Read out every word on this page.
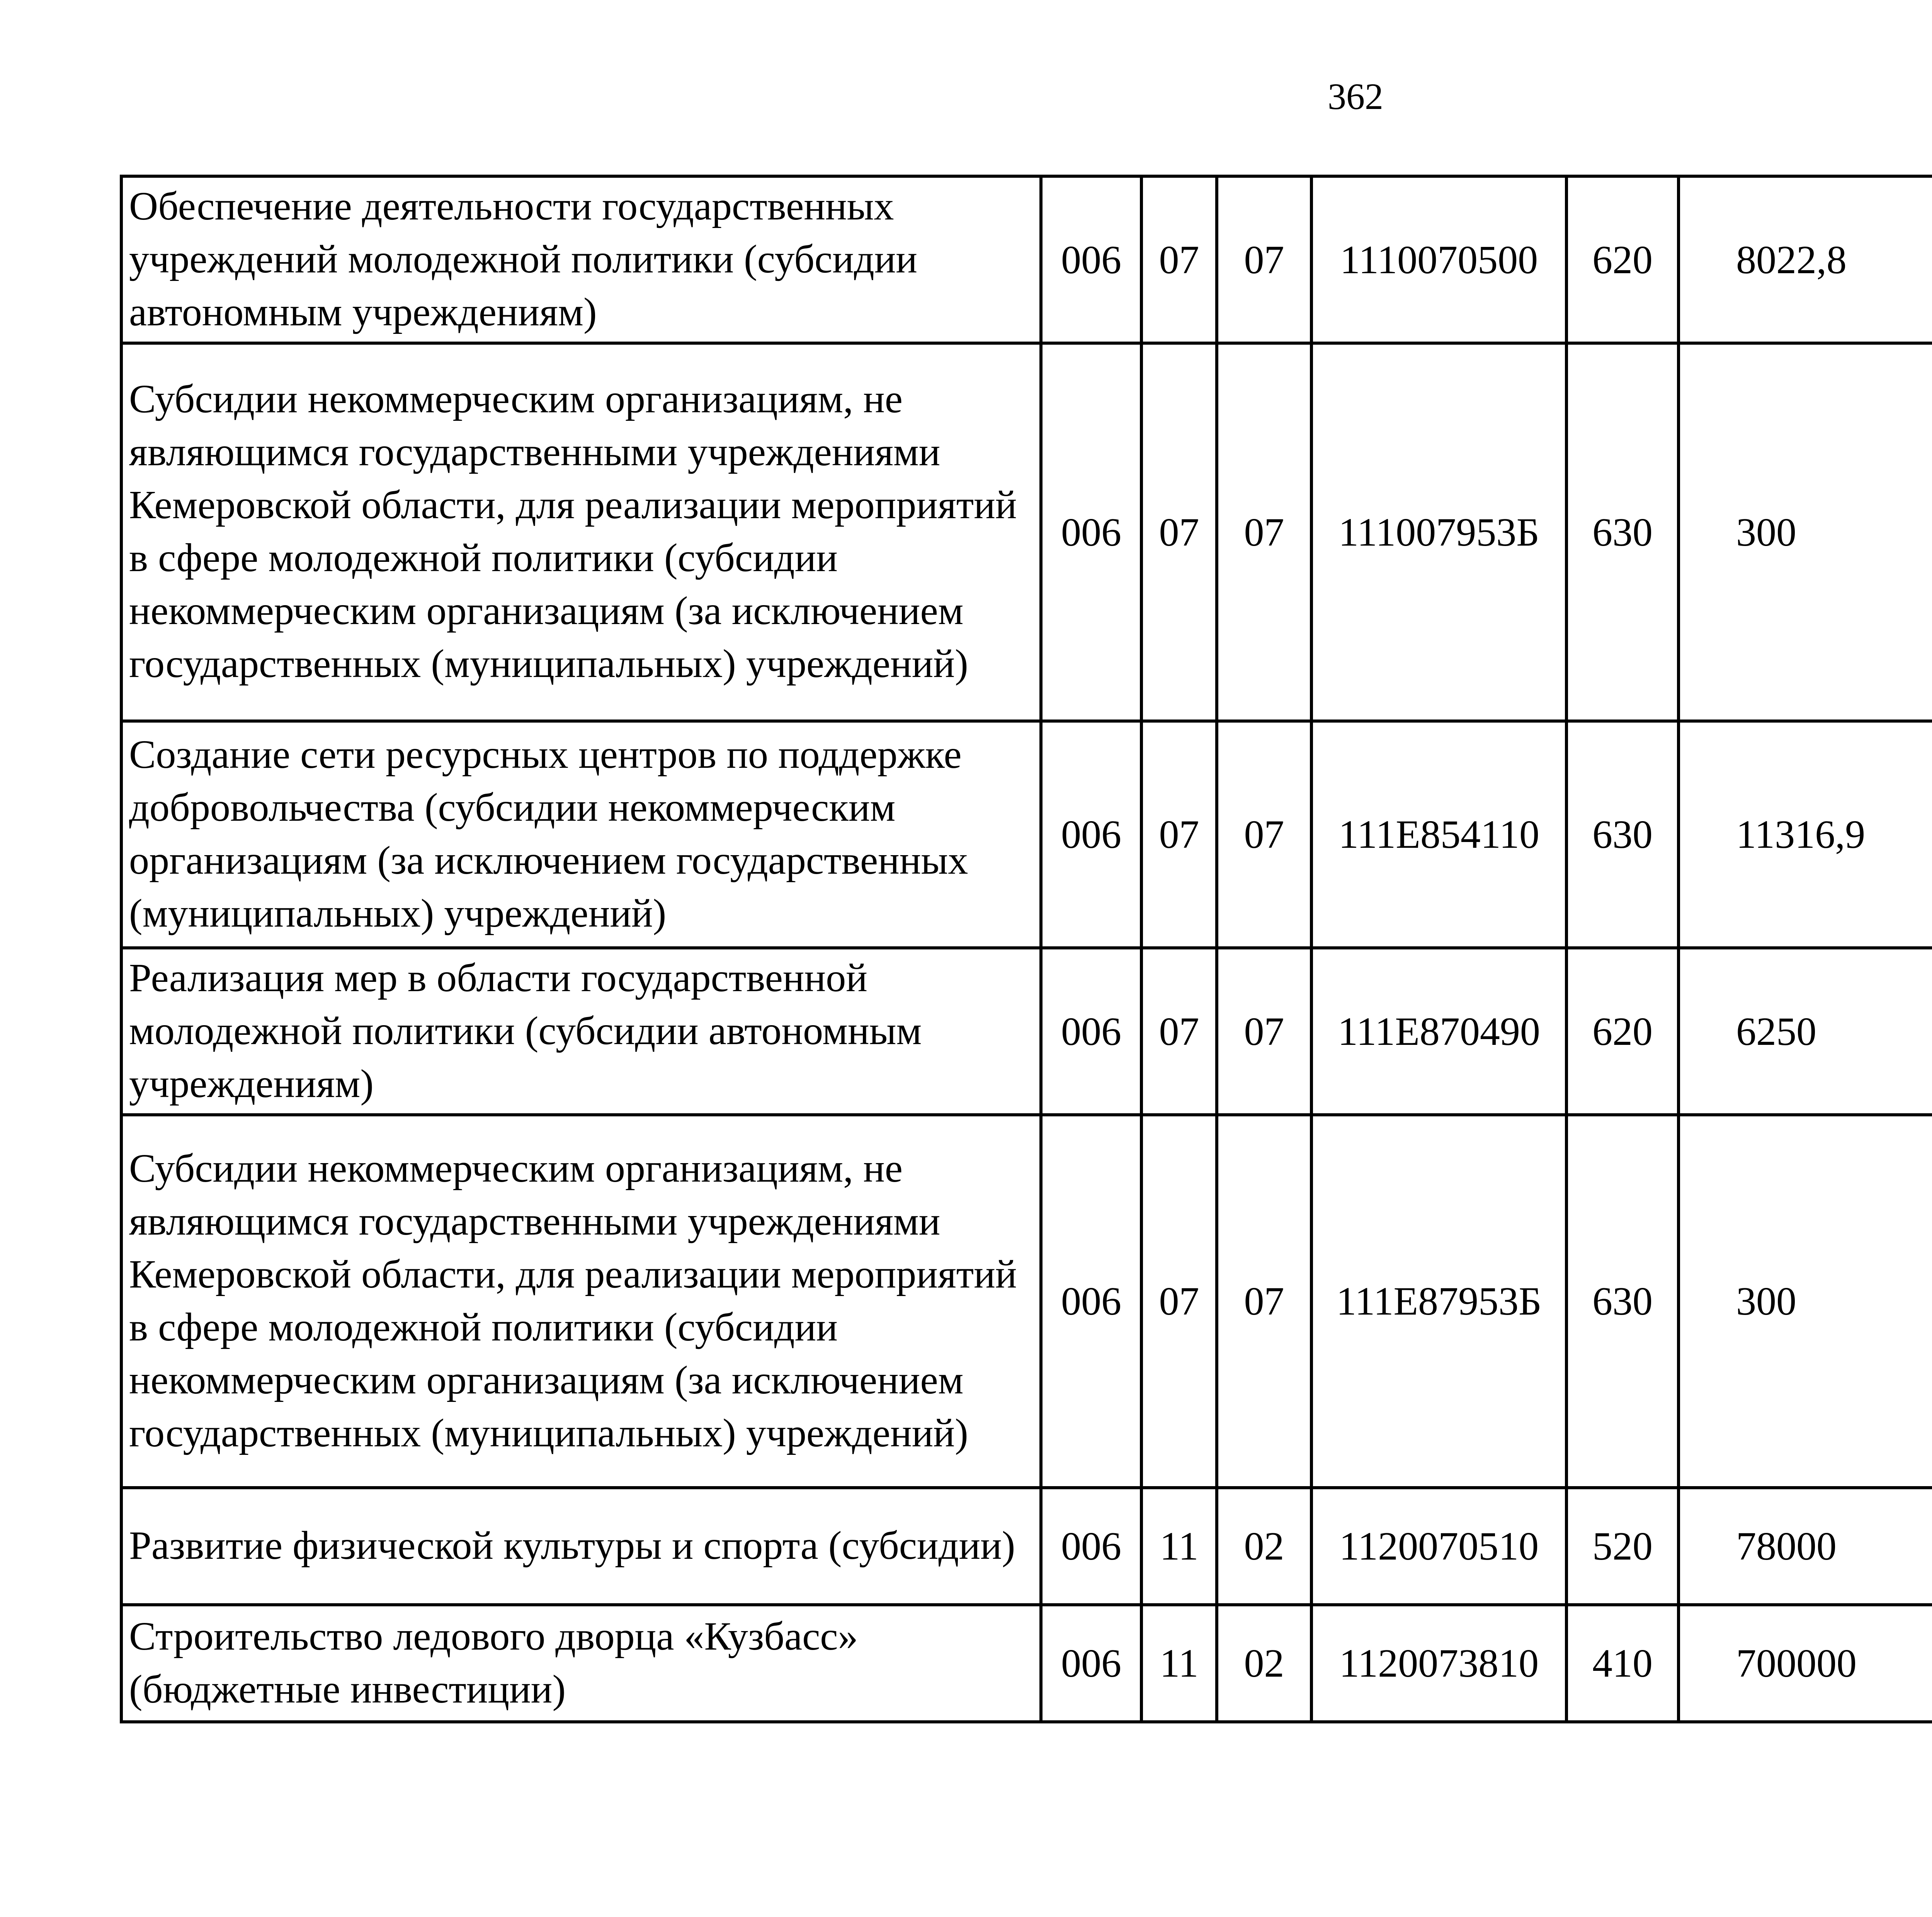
362
Обеспечение деятельности государственных учреждений молодежной политики (субсидии автономным учреждениям)	006	07	07	1110070500	620	8022,8		
Субсидии некоммерческим организациям, не являющимся государственными учреждениями Кемеровской области, для реализации мероприятий в сфере молодежной политики (субсидии некоммерческим организациям (за исключением государственных (муниципальных) учреждений)	006	07	07	111007953Б	630	300		
Создание сети ресурсных центров по поддержке добровольчества (субсидии некоммерческим организациям (за исключением государственных (муниципальных) учреждений)	006	07	07	111E854110	630	11316,9		
Реализация мер в области государственной молодежной политики (субсидии автономным учреждениям)	006	07	07	111E870490	620	6250		
Субсидии некоммерческим организациям, не являющимся государственными учреждениями Кемеровской области, для реализации мероприятий в сфере молодежной политики (субсидии некоммерческим организациям (за исключением государственных (муниципальных) учреждений)	006	07	07	111E87953Б	630	300		
Развитие физической культуры и спорта (субсидии)	006	11	02	1120070510	520	78000		
Строительство ледового дворца «Кузбасс» (бюджетные инвестиции)	006	11	02	1120073810	410	700000		
